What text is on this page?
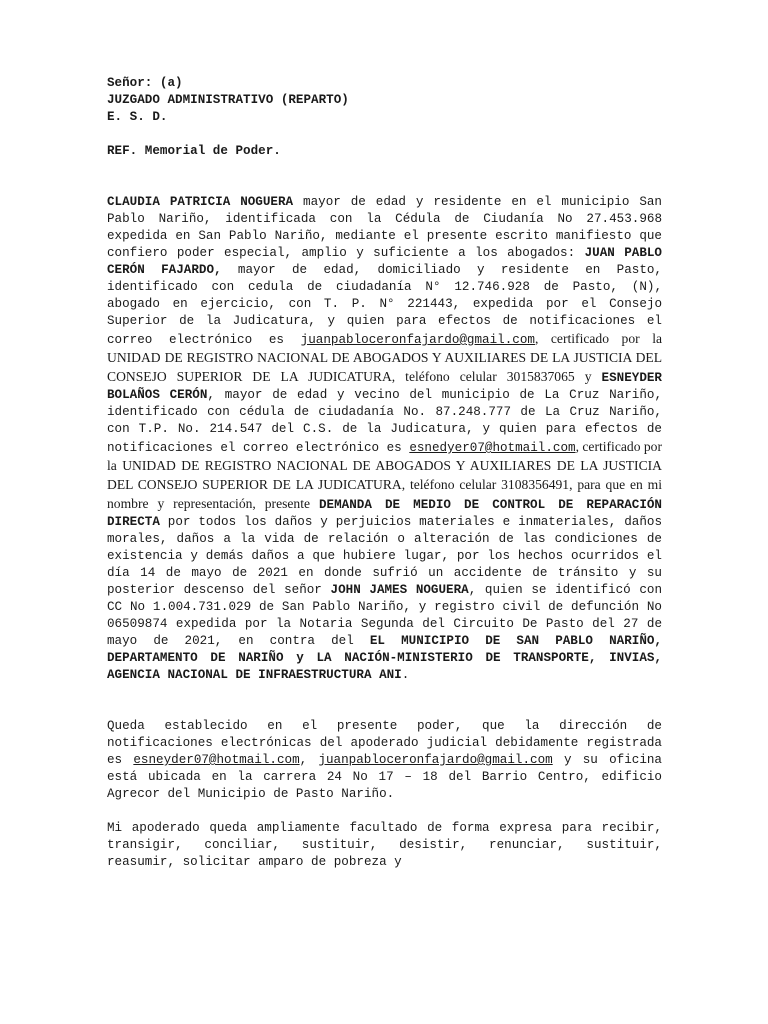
Señor: (a)
JUZGADO ADMINISTRATIVO (REPARTO)
E. S. D.
REF. Memorial de Poder.

CLAUDIA PATRICIA NOGUERA mayor de edad y residente en el municipio San Pablo Nariño, identificada con la Cédula de Ciudanía No 27.453.968 expedida en San Pablo Nariño, mediante el presente escrito manifiesto que confiero poder especial, amplio y suficiente a los abogados: JUAN PABLO CERÓN FAJARDO, mayor de edad, domiciliado y residente en Pasto, identificado con cedula de ciudadanía N° 12.746.928 de Pasto, (N), abogado en ejercicio, con T. P. N° 221443, expedida por el Consejo Superior de la Judicatura, y quien para efectos de notificaciones el correo electrónico es juanpabloceronfajardo@gmail.com, certificado por la UNIDAD DE REGISTRO NACIONAL DE ABOGADOS Y AUXILIARES DE LA JUSTICIA DEL CONSEJO SUPERIOR DE LA JUDICATURA, teléfono celular 3015837065 y ESNEYDER BOLAÑOS CERÓN, mayor de edad y vecino del municipio de La Cruz Nariño, identificado con cédula de ciudadanía No. 87.248.777 de La Cruz Nariño, con T.P. No. 214.547 del C.S. de la Judicatura, y quien para efectos de notificaciones el correo electrónico es esnedyer07@hotmail.com, certificado por la UNIDAD DE REGISTRO NACIONAL DE ABOGADOS Y AUXILIARES DE LA JUSTICIA DEL CONSEJO SUPERIOR DE LA JUDICATURA, teléfono celular 3108356491, para que en mi nombre y representación, presente DEMANDA DE MEDIO DE CONTROL DE REPARACIÓN DIRECTA por todos los daños y perjuicios materiales e inmateriales, daños morales, daños a la vida de relación o alteración de las condiciones de existencia y demás daños a que hubiere lugar, por los hechos ocurridos el día 14 de mayo de 2021 en donde sufrió un accidente de tránsito y su posterior descenso del señor JOHN JAMES NOGUERA, quien se identificó con CC No 1.004.731.029 de San Pablo Nariño, y registro civil de defunción No 06509874 expedida por la Notaria Segunda del Circuito De Pasto del 27 de mayo de 2021, en contra del EL MUNICIPIO DE SAN PABLO NARIÑO, DEPARTAMENTO DE NARIÑO y LA NACIÓN-MINISTERIO DE TRANSPORTE, INVIAS, AGENCIA NACIONAL DE INFRAESTRUCTURA ANI.

Queda establecido en el presente poder, que la dirección de notificaciones electrónicas del apoderado judicial debidamente registrada es esneyder07@hotmail.com, juanpabloceronfajardo@gmail.com y su oficina está ubicada en la carrera 24 No 17 – 18 del Barrio Centro, edificio Agrecor del Municipio de Pasto Nariño.

Mi apoderado queda ampliamente facultado de forma expresa para recibir, transigir, conciliar, sustituir, desistir, renunciar, sustituir, reasumir, solicitar amparo de pobreza y
